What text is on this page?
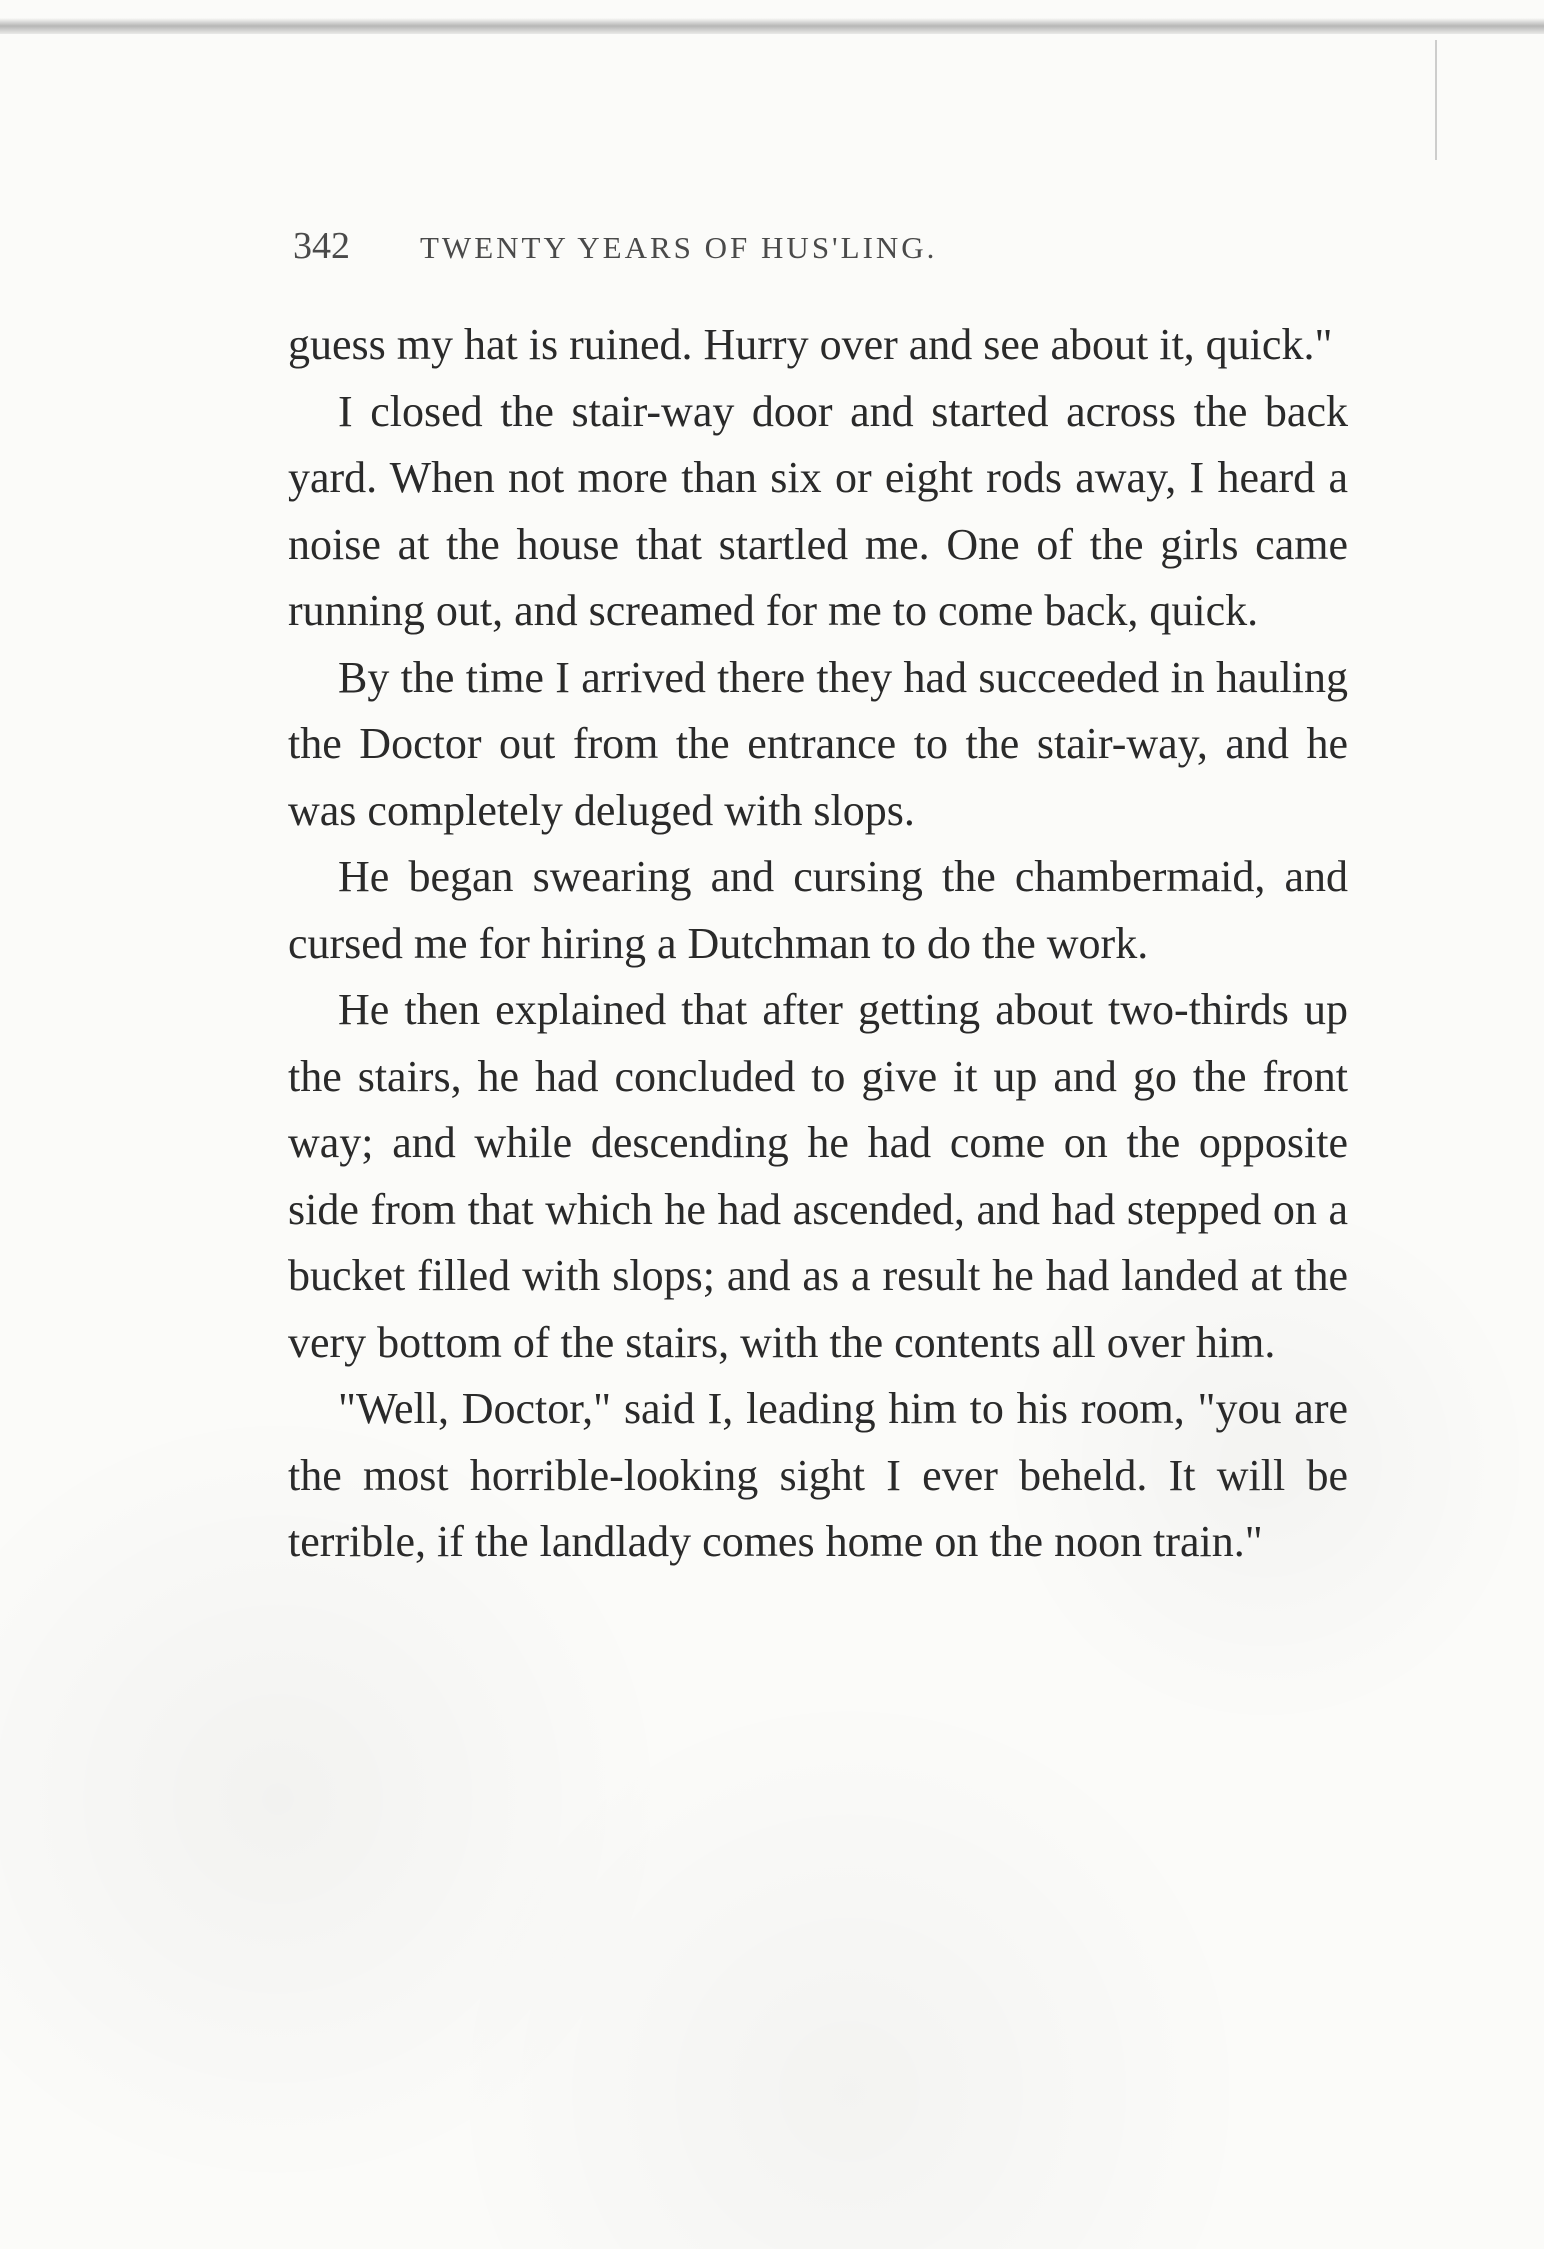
342 TWENTY YEARS OF HUS'LING.

guess my hat is ruined. Hurry over and see about it, quick."

I closed the stair-way door and started across the back yard. When not more than six or eight rods away, I heard a noise at the house that startled me. One of the girls came running out, and screamed for me to come back, quick.

By the time I arrived there they had succeeded in hauling the Doctor out from the entrance to the stair-way, and he was completely deluged with slops.

He began swearing and cursing the chambermaid, and cursed me for hiring a Dutchman to do the work.

He then explained that after getting about two-thirds up the stairs, he had concluded to give it up and go the front way; and while descending he had come on the opposite side from that which he had ascended, and had stepped on a bucket filled with slops; and as a result he had landed at the very bottom of the stairs, with the contents all over him.

"Well, Doctor," said I, leading him to his room, "you are the most horrible-looking sight I ever beheld. It will be terrible, if the landlady comes home on the noon train."
